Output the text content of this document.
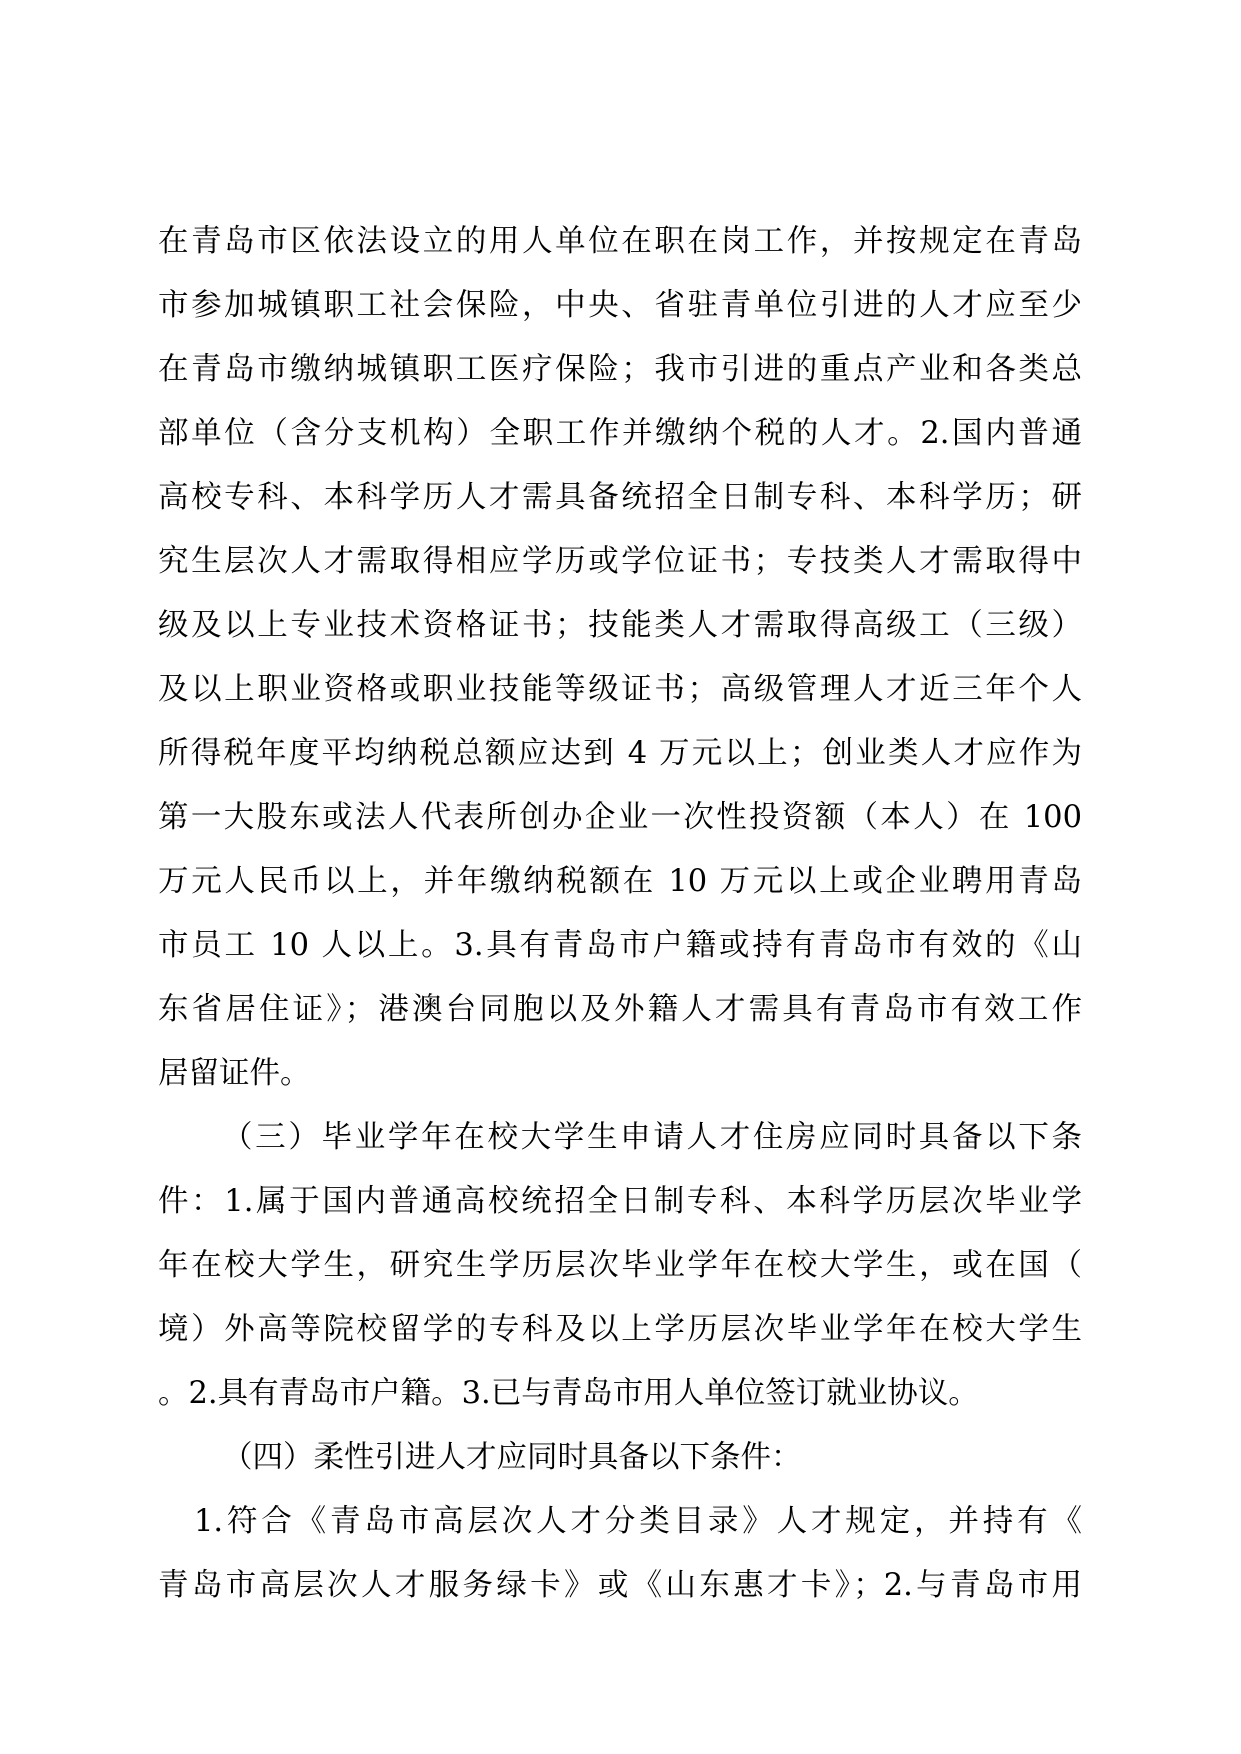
在青岛市区依法设立的用人单位在职在岗工作，并按规定在青岛
市参加城镇职工社会保险，中央、省驻青单位引进的人才应至少
在青岛市缴纳城镇职工医疗保险；我市引进的重点产业和各类总
部单位（含分支机构）全职工作并缴纳个税的人才。2.国内普通
高校专科、本科学历人才需具备统招全日制专科、本科学历；研
究生层次人才需取得相应学历或学位证书；专技类人才需取得中
级及以上专业技术资格证书；技能类人才需取得高级工（三级）
及以上职业资格或职业技能等级证书；高级管理人才近三年个人
所得税年度平均纳税总额应达到 4 万元以上；创业类人才应作为
第一大股东或法人代表所创办企业一次性投资额（本人）在 100
万元人民币以上，并年缴纳税额在 10 万元以上或企业聘用青岛
市员工 10 人以上。3.具有青岛市户籍或持有青岛市有效的《山
东省居住证》；港澳台同胞以及外籍人才需具有青岛市有效工作
居留证件。
（三）毕业学年在校大学生申请人才住房应同时具备以下条
件：1.属于国内普通高校统招全日制专科、本科学历层次毕业学
年在校大学生，研究生学历层次毕业学年在校大学生，或在国（
境）外高等院校留学的专科及以上学历层次毕业学年在校大学生
。2.具有青岛市户籍。3.已与青岛市用人单位签订就业协议。
（四）柔性引进人才应同时具备以下条件：
1.符合《青岛市高层次人才分类目录》人才规定，并持有《
青岛市高层次人才服务绿卡》或《山东惠才卡》；2.与青岛市用
